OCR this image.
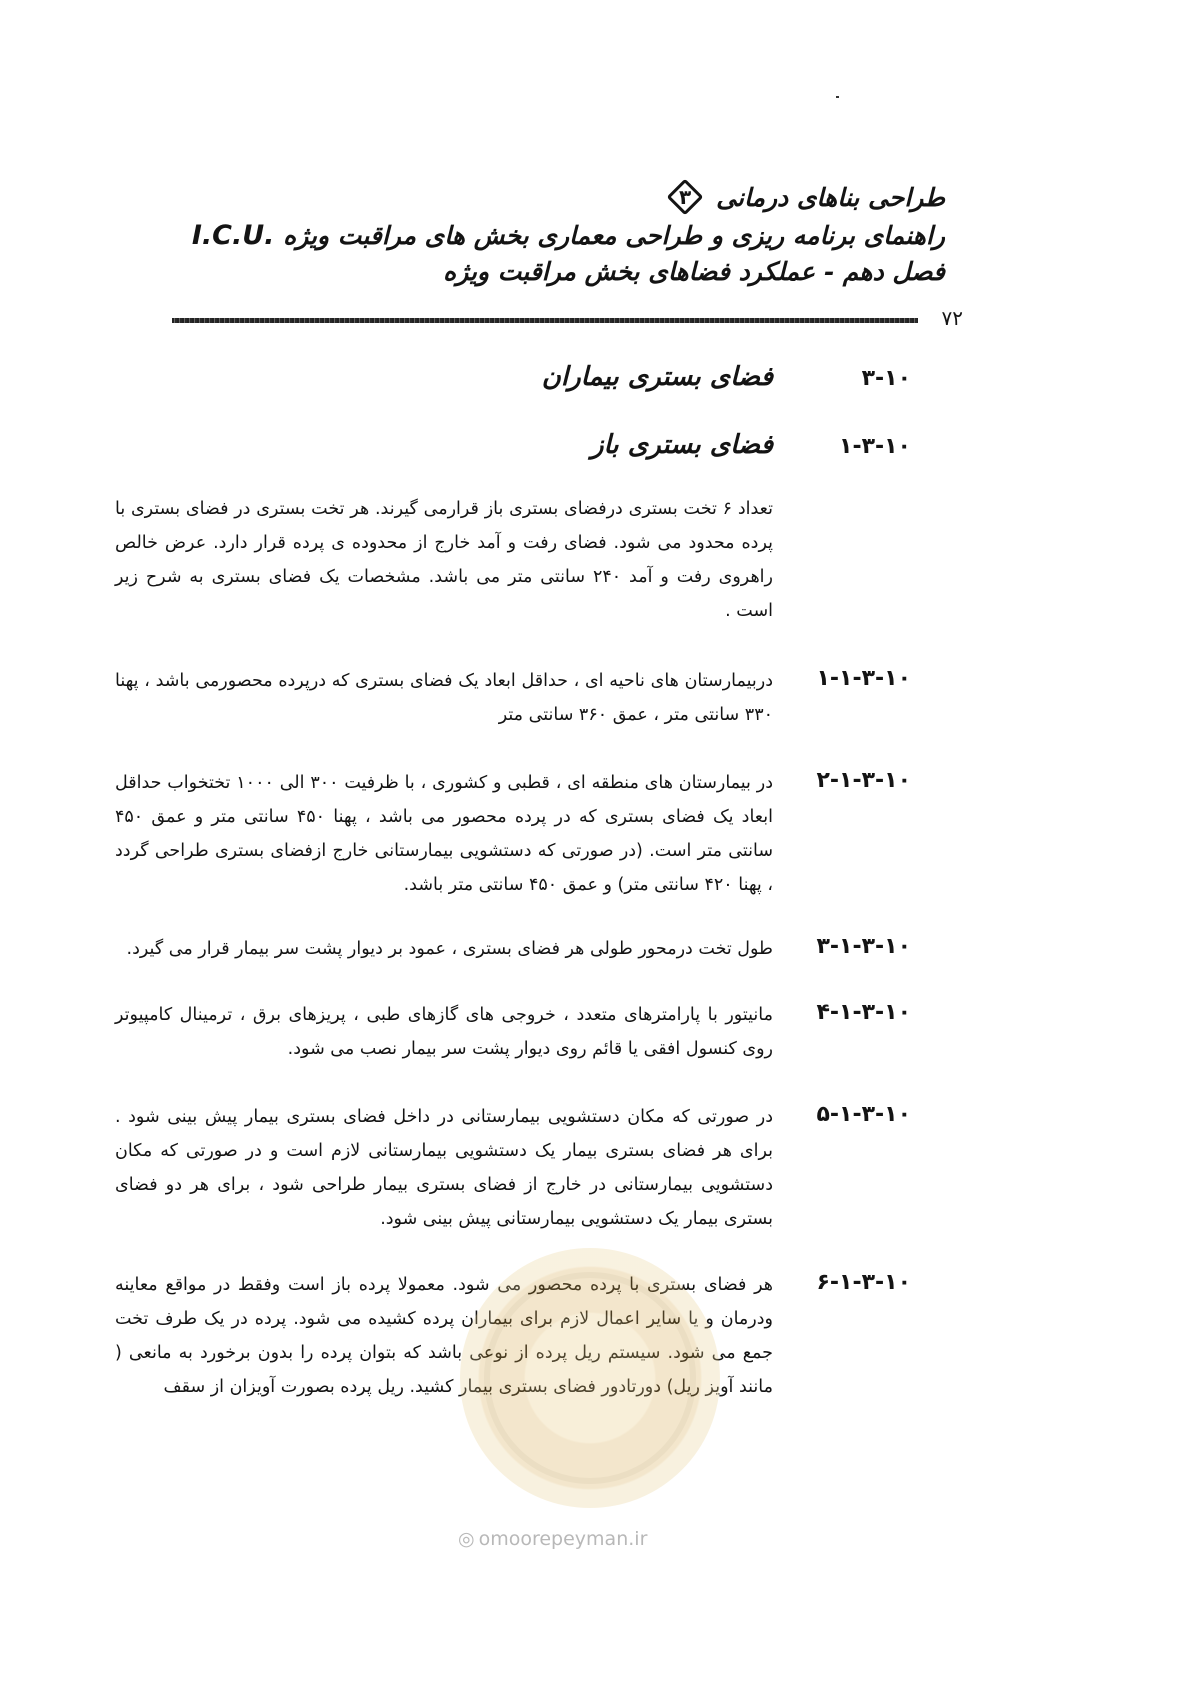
طراحی بناهای درمانی
۳
راهنمای برنامه ریزی و طراحی معماری بخش های مراقبت ویژه I.C.U.
فصل دهم - عملکرد فضاهای بخش مراقبت ویژه
۷۲
۳-۱۰
فضای بستری بیماران
۱-۳-۱۰
فضای بستری باز

تعداد ۶ تخت بستری درفضای بستری باز قرارمی گیرند. هر تخت بستری در فضای بستری با پرده محدود می شود. فضای رفت و آمد خارج از محدوده ی پرده قرار دارد. عرض خالص راهروی رفت و آمد ۲۴۰ سانتی متر می باشد. مشخصات یک فضای بستری به شرح زیر است .

۱-۱-۳-۱۰

دربیمارستان های ناحیه ای ، حداقل ابعاد یک فضای بستری که درپرده محصورمی باشد ، پهنا ۳۳۰ سانتی متر ، عمق ۳۶۰ سانتی متر

۲-۱-۳-۱۰

در بیمارستان های منطقه ای ، قطبی و کشوری ، با ظرفیت ۳۰۰ الی ۱۰۰۰ تختخواب حداقل ابعاد یک فضای بستری که در پرده محصور می باشد ، پهنا ۴۵۰ سانتی متر و عمق ۴۵۰ سانتی متر است. (در صورتی که دستشویی بیمارستانی خارج ازفضای بستری طراحی گردد ، پهنا ۴۲۰ سانتی متر) و عمق ۴۵۰ سانتی متر باشد.

۳-۱-۳-۱۰

طول تخت درمحور طولی هر فضای بستری ، عمود بر دیوار پشت سر بیمار قرار می گیرد.

۴-۱-۳-۱۰

مانیتور با پارامترهای متعدد ، خروجی های گازهای طبی ، پریزهای برق ، ترمینال کامپیوتر روی کنسول افقی یا قائم روی دیوار پشت سر بیمار نصب می شود.

۵-۱-۳-۱۰

در صورتی که مکان دستشویی بیمارستانی در داخل فضای بستری بیمار پیش بینی شود . برای هر فضای بستری بیمار یک دستشویی بیمارستانی لازم است و در صورتی که مکان دستشویی بیمارستانی در خارج از فضای بستری بیمار طراحی شود ، برای هر دو فضای بستری بیمار یک دستشویی بیمارستانی پیش بینی شود.

۶-۱-۳-۱۰

هر فضای بستری با پرده محصور می شود. معمولا پرده باز است وفقط در مواقع معاینه ودرمان و یا سایر اعمال لازم برای بیماران پرده کشیده می شود. پرده در یک طرف تخت جمع می شود. سیستم ریل پرده از نوعی باشد که بتوان پرده را بدون برخورد به مانعی ( مانند آویز ریل) دورتادور فضای بستری بیمار کشید. ریل پرده بصورت آویزان از سقف

◎ omoorepeyman.ir
